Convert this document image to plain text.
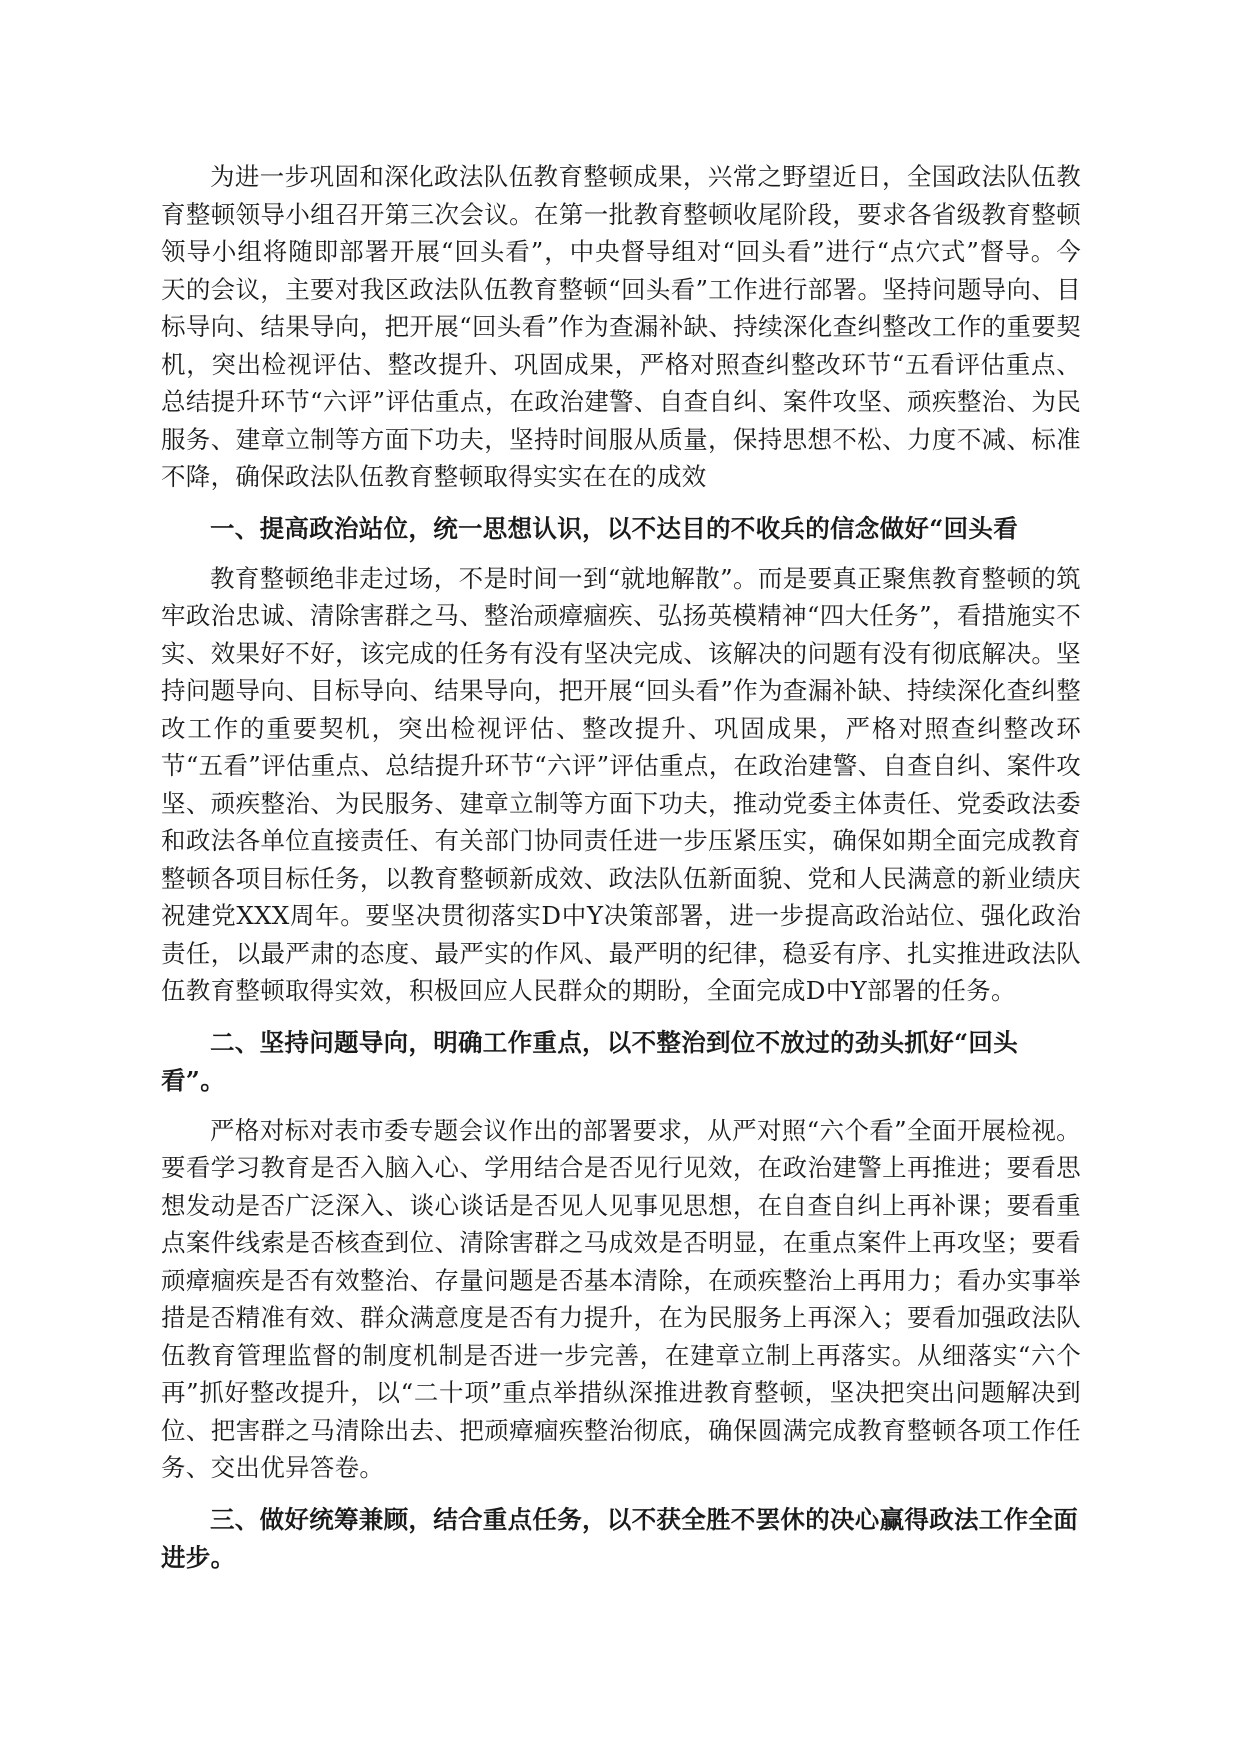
为进一步巩固和深化政法队伍教育整顿成果，兴常之野望近日，全国政法队伍教育整顿领导小组召开第三次会议。在第一批教育整顿收尾阶段，要求各省级教育整顿领导小组将随即部署开展“回头看”，中央督导组对“回头看”进行“点穴式”督导。今天的会议，主要对我区政法队伍教育整顿“回头看”工作进行部署。坚持问题导向、目标导向、结果导向，把开展“回头看”作为查漏补缺、持续深化查纠整改工作的重要契机，突出检视评估、整改提升、巩固成果，严格对照查纠整改环节“五看评估重点、总结提升环节“六评”评估重点，在政治建警、自查自纠、案件攻坚、顽疾整治、为民服务、建章立制等方面下功夫，坚持时间服从质量，保持思想不松、力度不减、标准不降，确保政法队伍教育整顿取得实实在在的成效

一、提高政治站位，统一思想认识，以不达目的不收兵的信念做好“回头看

教育整顿绝非走过场，不是时间一到“就地解散”。而是要真正聚焦教育整顿的筑牢政治忠诚、清除害群之马、整治顽瘴痼疾、弘扬英模精神“四大任务”，看措施实不实、效果好不好，该完成的任务有没有坚决完成、该解决的问题有没有彻底解决。坚持问题导向、目标导向、结果导向，把开展“回头看”作为查漏补缺、持续深化查纠整改工作的重要契机，突出检视评估、整改提升、巩固成果，严格对照查纠整改环节“五看”评估重点、总结提升环节“六评”评估重点，在政治建警、自查自纠、案件攻坚、顽疾整治、为民服务、建章立制等方面下功夫，推动党委主体责任、党委政法委和政法各单位直接责任、有关部门协同责任进一步压紧压实，确保如期全面完成教育整顿各项目标任务，以教育整顿新成效、政法队伍新面貌、党和人民满意的新业绩庆祝建党XXX周年。要坚决贯彻落实D中Y决策部署，进一步提高政治站位、强化政治责任，以最严肃的态度、最严实的作风、最严明的纪律，稳妥有序、扎实推进政法队伍教育整顿取得实效，积极回应人民群众的期盼，全面完成D中Y部署的任务。

二、坚持问题导向，明确工作重点，以不整治到位不放过的劲头抓好“回头看”。

严格对标对表市委专题会议作出的部署要求，从严对照“六个看”全面开展检视。要看学习教育是否入脑入心、学用结合是否见行见效，在政治建警上再推进；要看思想发动是否广泛深入、谈心谈话是否见人见事见思想，在自查自纠上再补课；要看重点案件线索是否核查到位、清除害群之马成效是否明显，在重点案件上再攻坚；要看顽瘴痼疾是否有效整治、存量问题是否基本清除，在顽疾整治上再用力；看办实事举措是否精准有效、群众满意度是否有力提升，在为民服务上再深入；要看加强政法队伍教育管理监督的制度机制是否进一步完善，在建章立制上再落实。从细落实“六个再”抓好整改提升，以“二十项”重点举措纵深推进教育整顿，坚决把突出问题解决到位、把害群之马清除出去、把顽瘴痼疾整治彻底，确保圆满完成教育整顿各项工作任务、交出优异答卷。

三、做好统筹兼顾，结合重点任务，以不获全胜不罢休的决心赢得政法工作全面进步。
